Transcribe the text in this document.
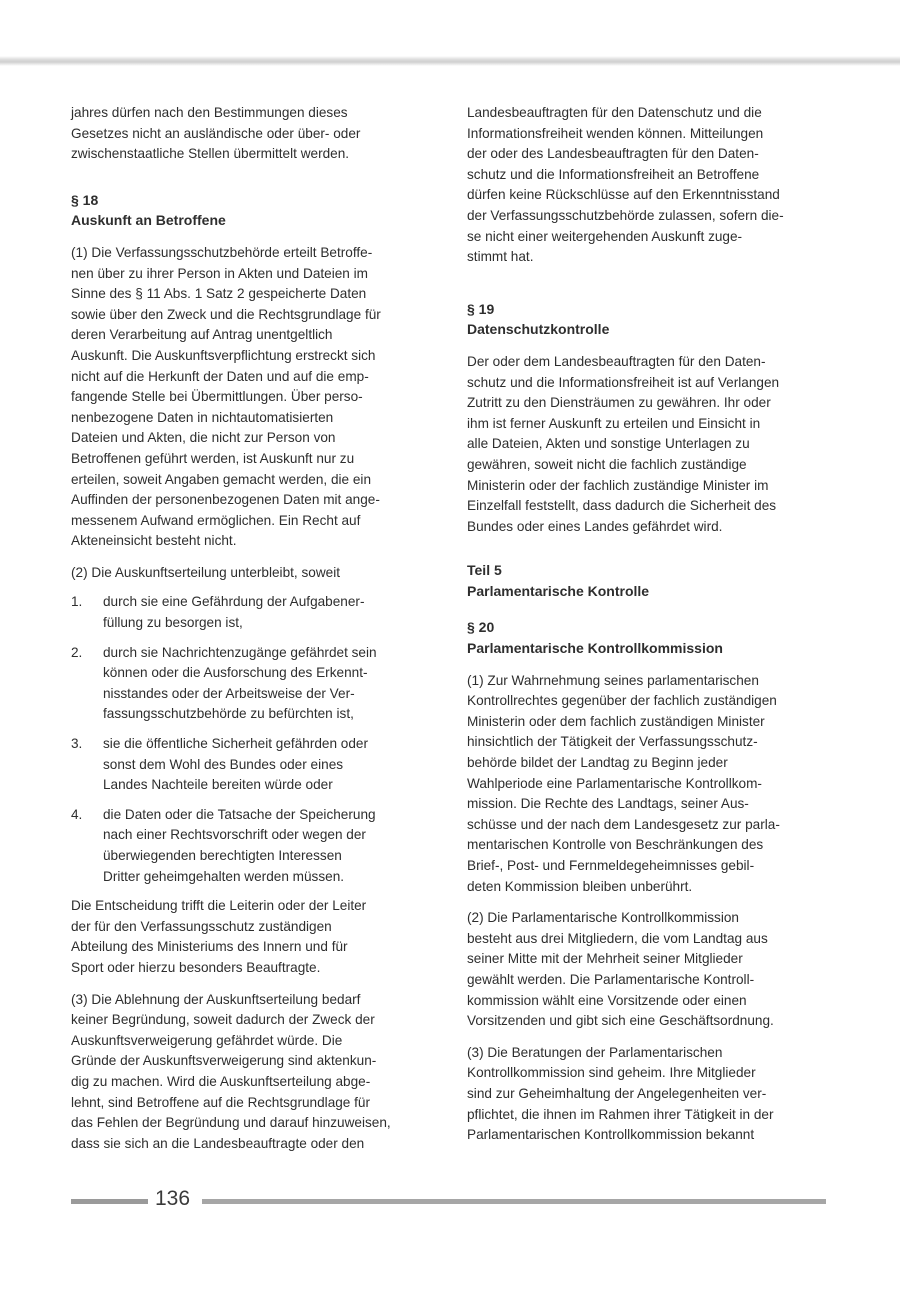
jahres dürfen nach den Bestimmungen dieses
Gesetzes nicht an ausländische oder über- oder
zwischenstaatliche Stellen übermittelt werden.
§ 18
Auskunft an Betroffene
(1) Die Verfassungsschutzbehörde erteilt Betroffe-
nen über zu ihrer Person in Akten und Dateien im
Sinne des § 11 Abs. 1 Satz 2 gespeicherte Daten
sowie über den Zweck und die Rechtsgrundlage für
deren Verarbeitung auf Antrag unentgeltlich
Auskunft. Die Auskunftsverpflichtung erstreckt sich
nicht auf die Herkunft der Daten und auf die emp-
fangende Stelle bei Übermittlungen. Über perso-
nenbezogene Daten in nichtautomatisierten
Dateien und Akten, die nicht zur Person von
Betroffenen geführt werden, ist Auskunft nur zu
erteilen, soweit Angaben gemacht werden, die ein
Auffinden der personenbezogenen Daten mit ange-
messenem Aufwand ermöglichen. Ein Recht auf
Akteneinsicht besteht nicht.
(2) Die Auskunftserteilung unterbleibt, soweit
1.	durch sie eine Gefährdung der Aufgabener-
füllung zu besorgen ist,
2.	durch sie Nachrichtenzugänge gefährdet sein
können oder die Ausforschung des Erkennt-
nisstandes oder der Arbeitsweise der Ver-
fassungsschutzbehörde zu befürchten ist,
3.	sie die öffentliche Sicherheit gefährden oder
sonst dem Wohl des Bundes oder eines
Landes Nachteile bereiten würde oder
4.	die Daten oder die Tatsache der Speicherung
nach einer Rechtsvorschrift oder wegen der
überwiegenden berechtigten Interessen
Dritter geheimgehalten werden müssen.
Die Entscheidung trifft die Leiterin oder der Leiter
der für den Verfassungsschutz zuständigen
Abteilung des Ministeriums des Innern und für
Sport oder hierzu besonders Beauftragte.
(3) Die Ablehnung der Auskunftserteilung bedarf
keiner Begründung, soweit dadurch der Zweck der
Auskunftsverweigerung gefährdet würde. Die
Gründe der Auskunftsverweigerung sind aktenkun-
dig zu machen. Wird die Auskunftserteilung abge-
lehnt, sind Betroffene auf die Rechtsgrundlage für
das Fehlen der Begründung und darauf hinzuweisen,
dass sie sich an die Landesbeauftragte oder den
Landesbeauftragten für den Datenschutz und die
Informationsfreiheit wenden können. Mitteilungen
der oder des Landesbeauftragten für den Daten-
schutz und die Informationsfreiheit an Betroffene
dürfen keine Rückschlüsse auf den Erkenntnisstand
der Verfassungsschutzbehörde zulassen, sofern die-
se nicht einer weitergehenden Auskunft zuge-
stimmt hat.
§ 19
Datenschutzkontrolle
Der oder dem Landesbeauftragten für den Daten-
schutz und die Informationsfreiheit ist auf Verlangen
Zutritt zu den Diensträumen zu gewähren. Ihr oder
ihm ist ferner Auskunft zu erteilen und Einsicht in
alle Dateien, Akten und sonstige Unterlagen zu
gewähren, soweit nicht die fachlich zuständige
Ministerin oder der fachlich zuständige Minister im
Einzelfall feststellt, dass dadurch die Sicherheit des
Bundes oder eines Landes gefährdet wird.
Teil 5
Parlamentarische Kontrolle
§ 20
Parlamentarische Kontrollkommission
(1) Zur Wahrnehmung seines parlamentarischen
Kontrollrechtes gegenüber der fachlich zuständigen
Ministerin oder dem fachlich zuständigen Minister
hinsichtlich der Tätigkeit der Verfassungsschutz-
behörde bildet der Landtag zu Beginn jeder
Wahlperiode eine Parlamentarische Kontrollkom-
mission. Die Rechte des Landtags, seiner Aus-
schüsse und der nach dem Landesgesetz zur parla-
mentarischen Kontrolle von Beschränkungen des
Brief-, Post- und Fernmeldegeheimnisses gebil-
deten Kommission bleiben unberührt.
(2) Die Parlamentarische Kontrollkommission
besteht aus drei Mitgliedern, die vom Landtag aus
seiner Mitte mit der Mehrheit seiner Mitglieder
gewählt werden. Die Parlamentarische Kontroll-
kommission wählt eine Vorsitzende oder einen
Vorsitzenden und gibt sich eine Geschäftsordnung.
(3) Die Beratungen der Parlamentarischen
Kontrollkommission sind geheim. Ihre Mitglieder
sind zur Geheimhaltung der Angelegenheiten ver-
pflichtet, die ihnen im Rahmen ihrer Tätigkeit in der
Parlamentarischen Kontrollkommission bekannt
136
